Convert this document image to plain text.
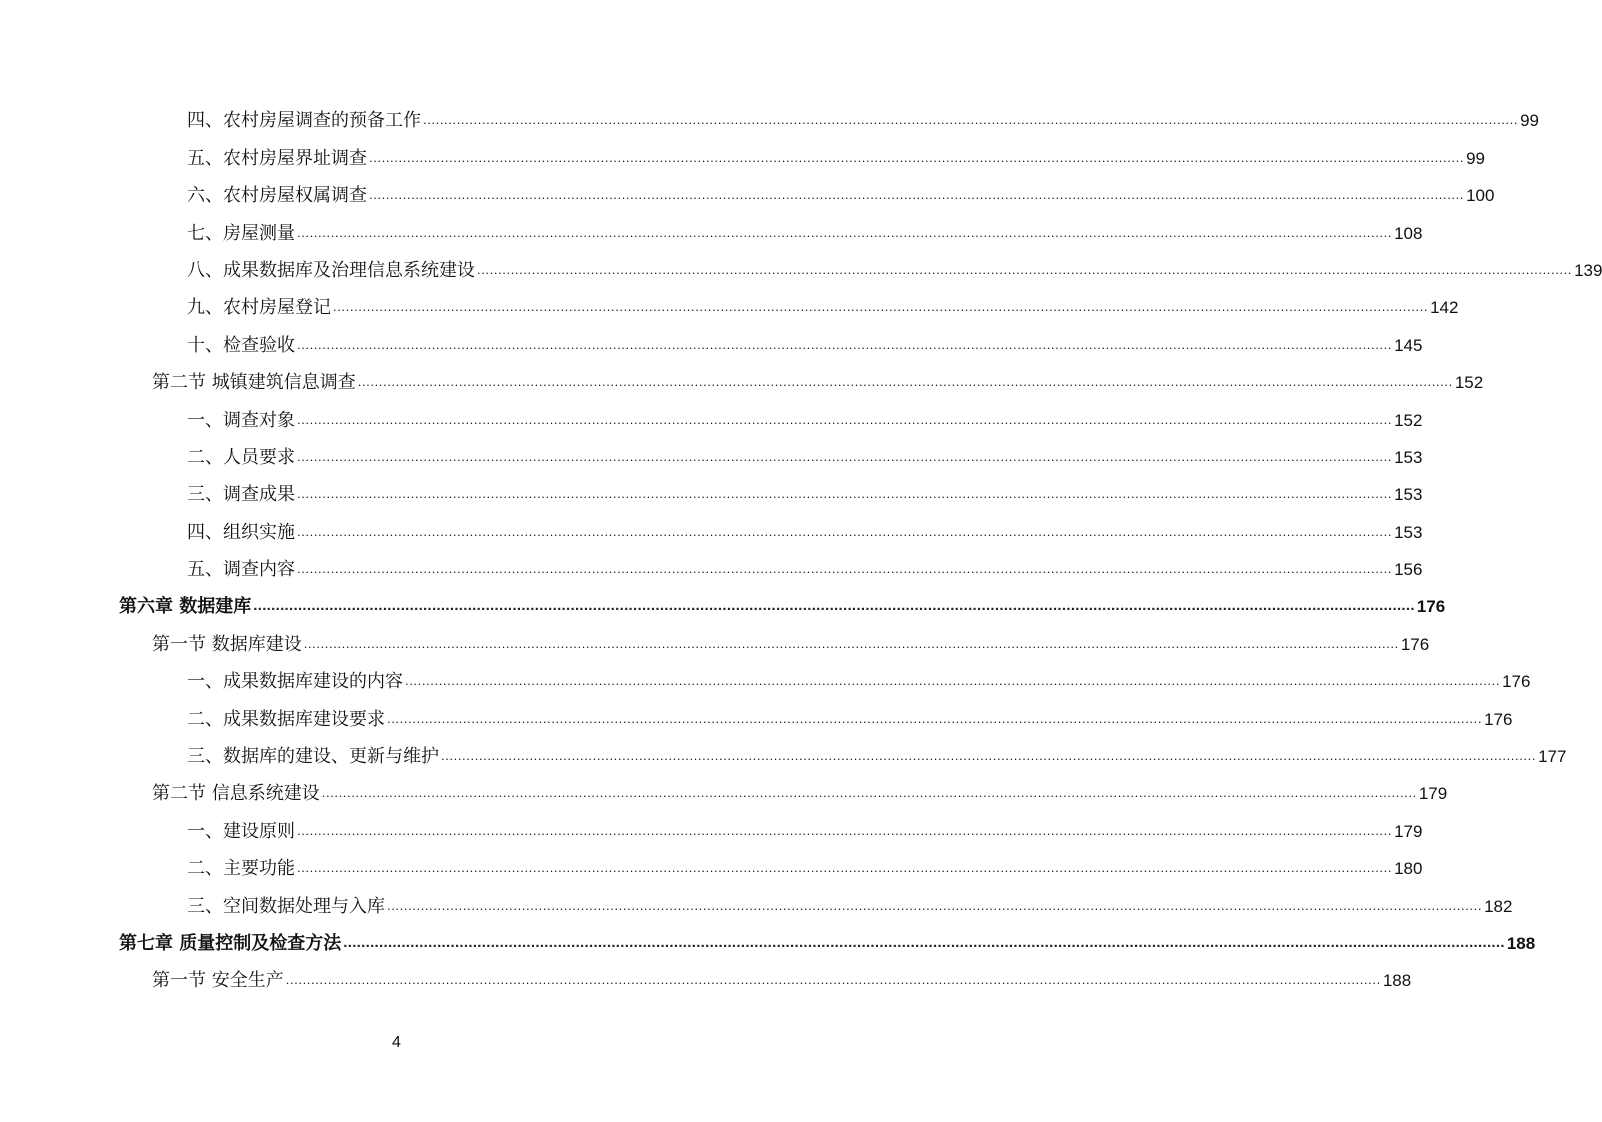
四、农村房屋调查的预备工作 .................................................................................................................................................................................................................................................................... 99
五、农村房屋界址调查 .................................................................................................................................................................................................................................................................... 99
六、农村房屋权属调查 .................................................................................................................................................................................................................................................................... 100
七、房屋测量 .................................................................................................................................................................................................................................................................... 108
八、成果数据库及治理信息系统建设 .................................................................................................................................................................................................................................................................... 139
九、农村房屋登记 .................................................................................................................................................................................................................................................................... 142
十、检查验收 .................................................................................................................................................................................................................................................................... 145
第二节 城镇建筑信息调查 .................................................................................................................................................................................................................................................................... 152
一、调查对象 .................................................................................................................................................................................................................................................................... 152
二、人员要求 .................................................................................................................................................................................................................................................................... 153
三、调查成果 .................................................................................................................................................................................................................................................................... 153
四、组织实施 .................................................................................................................................................................................................................................................................... 153
五、调查内容 .................................................................................................................................................................................................................................................................... 156
第六章 数据建库 .................................................................................................................................................................................................................................................................... 176
第一节 数据库建设 .................................................................................................................................................................................................................................................................... 176
一、成果数据库建设的内容 .................................................................................................................................................................................................................................................................... 176
二、成果数据库建设要求 .................................................................................................................................................................................................................................................................... 176
三、数据库的建设、更新与维护 .................................................................................................................................................................................................................................................................... 177
第二节 信息系统建设 .................................................................................................................................................................................................................................................................... 179
一、建设原则 .................................................................................................................................................................................................................................................................... 179
二、主要功能 .................................................................................................................................................................................................................................................................... 180
三、空间数据处理与入库 .................................................................................................................................................................................................................................................................... 182
第七章 质量控制及检查方法 .................................................................................................................................................................................................................................................................... 188
第一节 安全生产 .................................................................................................................................................................................................................................................................... 188
4
